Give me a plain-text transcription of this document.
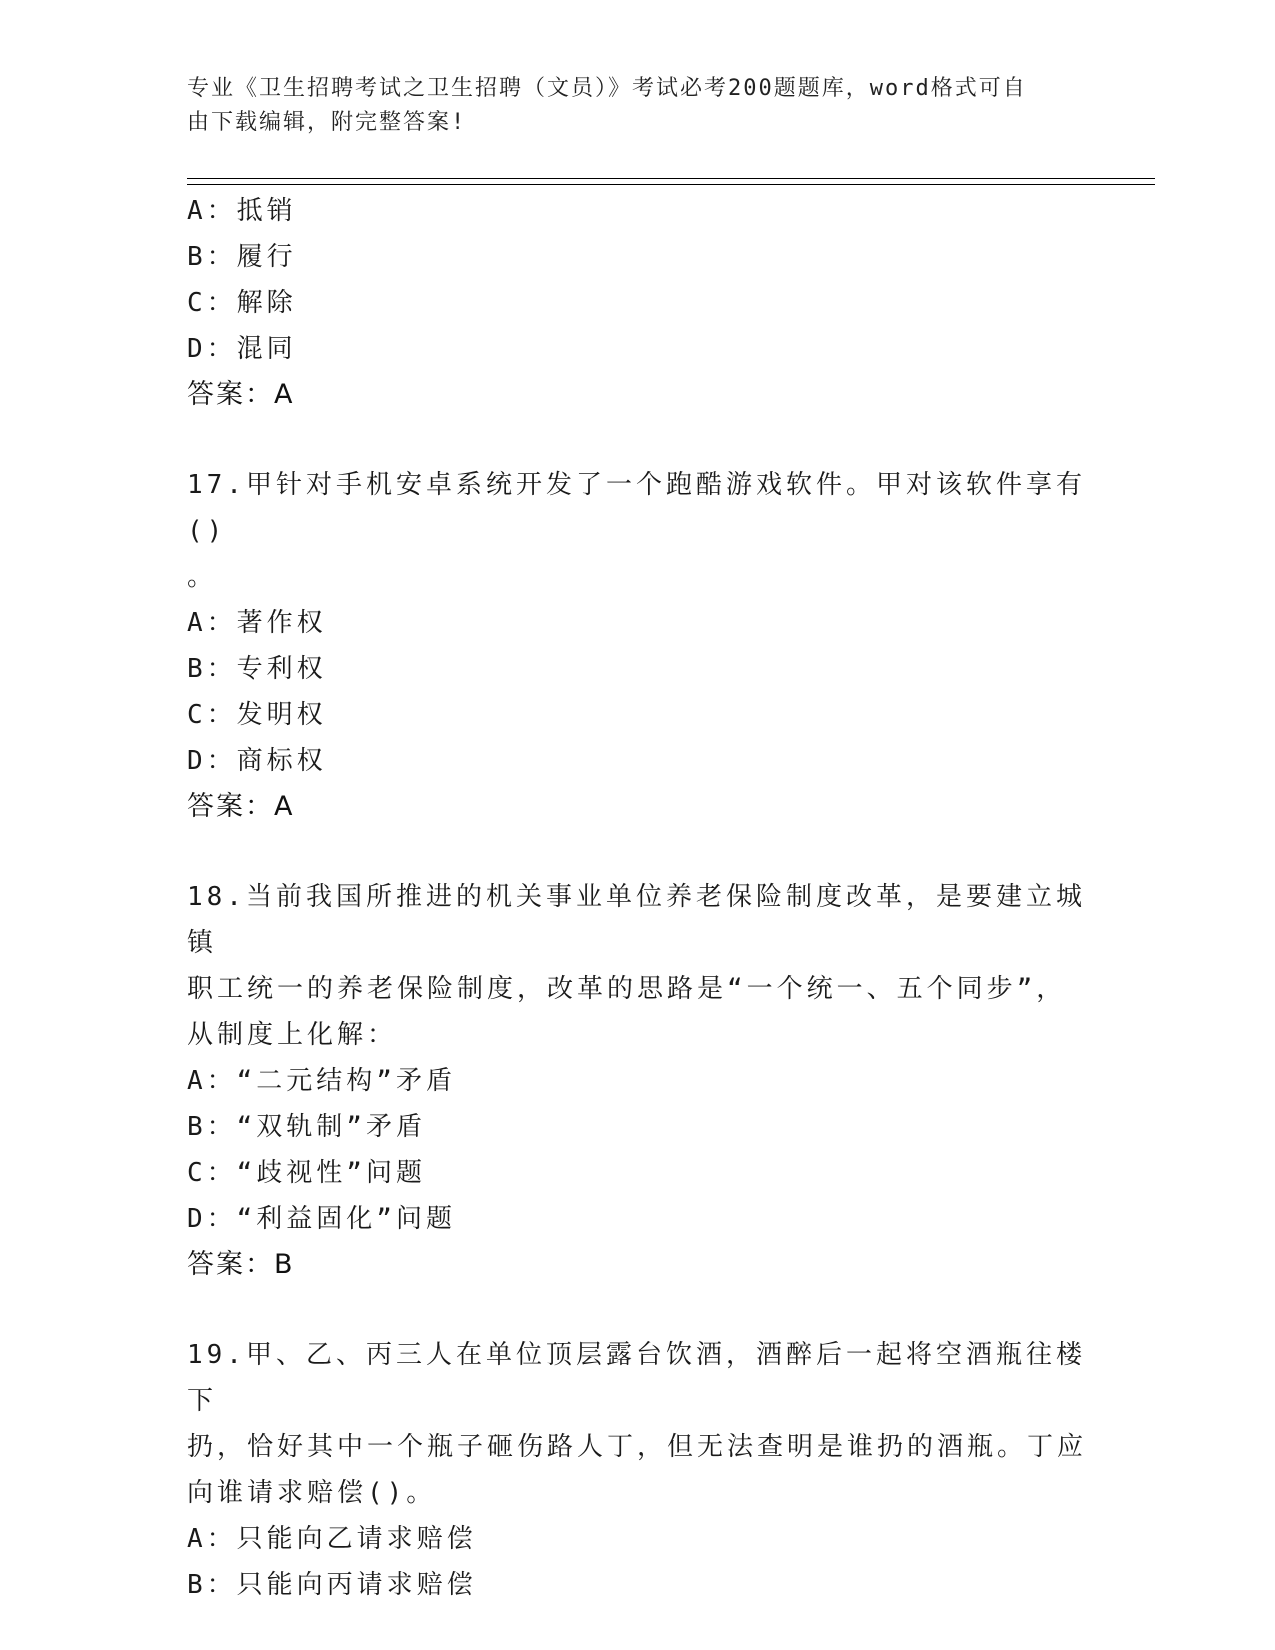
专业《卫生招聘考试之卫生招聘（文员）》考试必考200题题库，word格式可自
由下载编辑，附完整答案!
A：抵销
B：履行
C：解除
D：混同
答案：A
17.甲针对手机安卓系统开发了一个跑酷游戏软件。甲对该软件享有()
。
A：著作权
B：专利权
C：发明权
D：商标权
答案：A
18.当前我国所推进的机关事业单位养老保险制度改革，是要建立城镇
职工统一的养老保险制度，改革的思路是“一个统一、五个同步”，
从制度上化解：
A：“二元结构”矛盾
B：“双轨制”矛盾
C：“歧视性”问题
D：“利益固化”问题
答案：B
19.甲、乙、丙三人在单位顶层露台饮酒，酒醉后一起将空酒瓶往楼下
扔，恰好其中一个瓶子砸伤路人丁，但无法查明是谁扔的酒瓶。丁应
向谁请求赔偿()。
A：只能向乙请求赔偿
B：只能向丙请求赔偿
